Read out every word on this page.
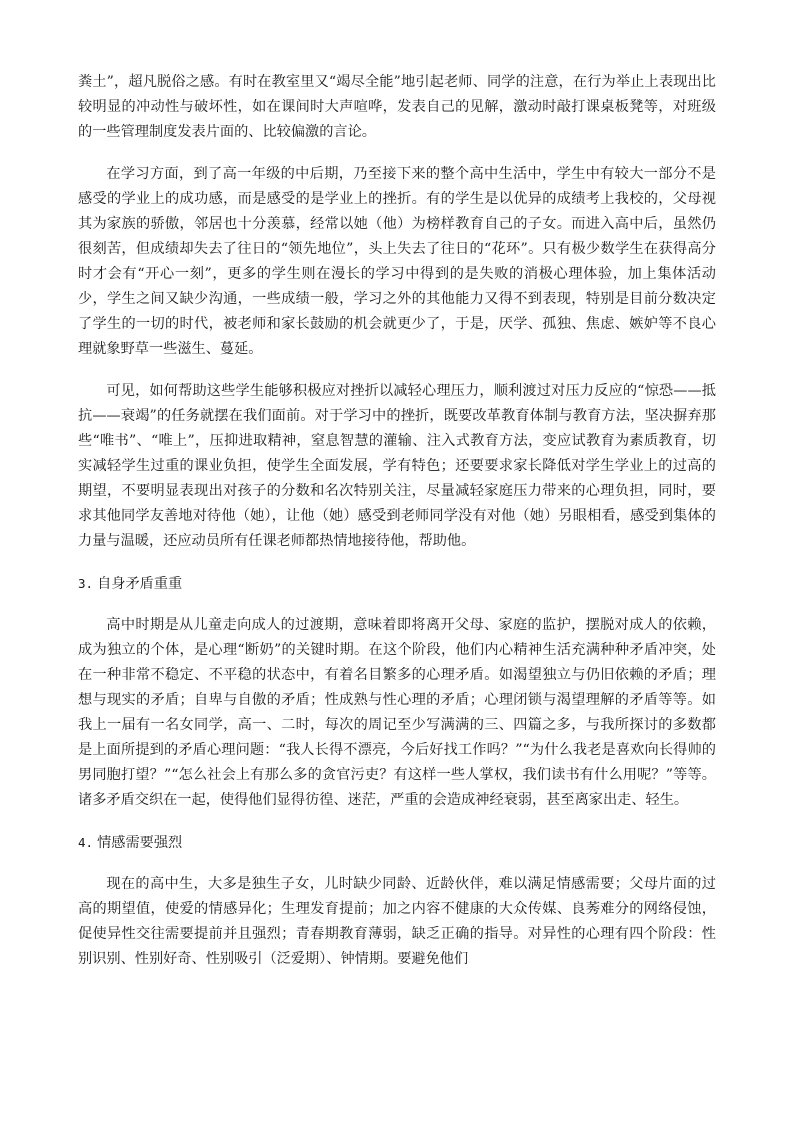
粪土”，超凡脱俗之感。有时在教室里又“竭尽全能”地引起老师、同学的注意，在行为举止上表现出比较明显的冲动性与破坏性，如在课间时大声喧哗，发表自己的见解，激动时敲打课桌板凳等，对班级的一些管理制度发表片面的、比较偏激的言论。

在学习方面，到了高一年级的中后期，乃至接下来的整个高中生活中，学生中有较大一部分不是感受的学业上的成功感，而是感受的是学业上的挫折。有的学生是以优异的成绩考上我校的，父母视其为家族的骄傲，邻居也十分羡慕，经常以她（他）为榜样教育自己的子女。而进入高中后，虽然仍很刻苦，但成绩却失去了往日的“领先地位”，头上失去了往日的“花环”。只有极少数学生在获得高分时才会有“开心一刻”，更多的学生则在漫长的学习中得到的是失败的消极心理体验，加上集体活动少，学生之间又缺少沟通，一些成绩一般，学习之外的其他能力又得不到表现，特别是目前分数决定了学生的一切的时代，被老师和家长鼓励的机会就更少了，于是，厌学、孤独、焦虑、嫉妒等不良心理就象野草一些滋生、蔓延。

可见，如何帮助这些学生能够积极应对挫折以减轻心理压力，顺利渡过对压力反应的“惊恐——抵抗——衰竭”的任务就摆在我们面前。对于学习中的挫折，既要改革教育体制与教育方法，坚决摒弃那些“唯书”、“唯上”，压抑进取精神，窒息智慧的灌输、注入式教育方法，变应试教育为素质教育，切实减轻学生过重的课业负担，使学生全面发展，学有特色；还要要求家长降低对学生学业上的过高的期望，不要明显表现出对孩子的分数和名次特别关注，尽量减轻家庭压力带来的心理负担，同时，要求其他同学友善地对待他（她），让他（她）感受到老师同学没有对他（她）另眼相看，感受到集体的力量与温暖，还应动员所有任课老师都热情地接待他，帮助他。

3. 自身矛盾重重

高中时期是从儿童走向成人的过渡期，意味着即将离开父母、家庭的监护，摆脱对成人的依赖，成为独立的个体，是心理“断奶”的关键时期。在这个阶段，他们内心精神生活充满种种矛盾冲突，处在一种非常不稳定、不平稳的状态中，有着名目繁多的心理矛盾。如渴望独立与仍旧依赖的矛盾；理想与现实的矛盾；自卑与自傲的矛盾；性成熟与性心理的矛盾；心理闭锁与渴望理解的矛盾等等。如我上一届有一名女同学，高一、二时，每次的周记至少写满满的三、四篇之多，与我所探讨的多数都是上面所提到的矛盾心理问题：“我人长得不漂亮，今后好找工作吗？”“为什么我老是喜欢向长得帅的男同胞打望？”“怎么社会上有那么多的贪官污吏？有这样一些人掌权，我们读书有什么用呢？”等等。诸多矛盾交织在一起，使得他们显得彷徨、迷茫，严重的会造成神经衰弱，甚至离家出走、轻生。

4. 情感需要强烈

现在的高中生，大多是独生子女，儿时缺少同龄、近龄伙伴，难以满足情感需要；父母片面的过高的期望值，使爱的情感异化；生理发育提前；加之内容不健康的大众传媒、良莠难分的网络侵蚀，促使异性交往需要提前并且强烈；青春期教育薄弱，缺乏正确的指导。对异性的心理有四个阶段：性别识别、性别好奇、性别吸引（泛爱期）、钟情期。要避免他们
